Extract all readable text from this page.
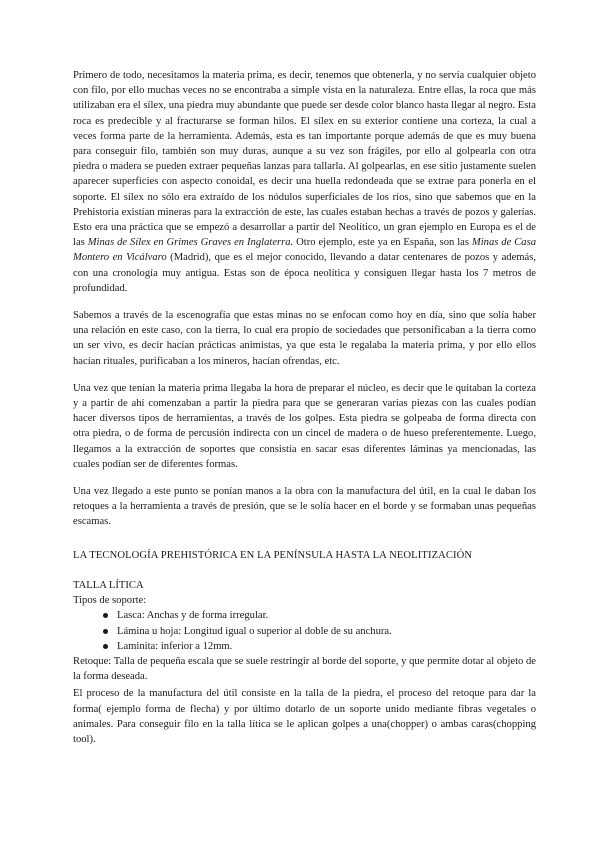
Primero de todo, necesitamos la materia prima, es decir, tenemos que obtenerla, y no servía cualquier objeto con filo, por ello muchas veces no se encontraba a simple vista en la naturaleza. Entre ellas, la roca que más utilizaban era el sílex, una piedra muy abundante que puede ser desde color blanco hasta llegar al negro. Esta roca es predecible y al fracturarse se forman hilos. El sílex en su exterior contiene una corteza, la cual a veces forma parte de la herramienta. Además, esta es tan importante porque además de que es muy buena para conseguir filo, también son muy duras, aunque a su vez son frágiles, por ello al golpearla con otra piedra o madera se pueden extraer pequeñas lanzas para tallarla. Al golpearlas, en ese sitio justamente suelen aparecer superficies con aspecto conoidal, es decir una huella redondeada que se extrae para ponerla en el soporte. El sílex no sólo era extraído de los nódulos superficiales de los ríos, sino que sabemos que en la Prehistoria existían mineras para la extracción de este, las cuales estaban hechas a través de pozos y galerías. Esto era una práctica que se empezó a desarrollar a partir del Neolítico, un gran ejemplo en Europa es el de las Minas de Sílex en Grimes Graves en Inglaterra. Otro ejemplo, este ya en España, son las Minas de Casa Montero en Vicálvaro (Madrid), que es el mejor conocido, llevando a datar centenares de pozos y además, con una cronología muy antigua. Estas son de época neolítica y consiguen llegar hasta los 7 metros de profundidad.

Sabemos a través de la escenografía que estas minas no se enfocan como hoy en día, sino que solía haber una relación en este caso, con la tierra, lo cual era propio de sociedades que personificaban a la tierra como un ser vivo, es decir hacían prácticas animistas, ya que esta le regalaba la materia prima, y por ello ellos hacían rituales, purificaban a los mineros, hacían ofrendas, etc.

Una vez que tenían la materia prima llegaba la hora de preparar el núcleo, es decir que le quitaban la corteza y a partir de ahí comenzaban a partir la piedra para que se generaran varias piezas con las cuales podían hacer diversos tipos de herramientas, a través de los golpes. Esta piedra se golpeaba de forma directa con otra piedra, o de forma de percusión indirecta con un cincel de madera o de hueso preferentemente. Luego, llegamos a la extracción de soportes que consistía en sacar esas diferentes láminas ya mencionadas, las cuales podían ser de diferentes formas.

Una vez llegado a este punto se ponían manos a la obra con la manufactura del útil, en la cual le daban los retoques a la herramienta a través de presión, que se le solía hacer en el borde y se formaban unas pequeñas escamas.

LA TECNOLOGÍA PREHISTÓRICA EN LA PENÍNSULA HASTA LA NEOLITIZACIÓN

TALLA LÍTICA

Tipos de soporte:

Lasca: Anchas y de forma irregular.
Lámina u hoja: Longitud igual o superior al doble de su anchura.
Laminita: inferior a 12mm.

Retoque: Talla de pequeña escala que se suele restringir al borde del soporte, y que permite dotar al objeto de la forma deseada.

El proceso de la manufactura del útil consiste en la talla de la piedra, el proceso del retoque para dar la forma( ejemplo forma de flecha) y por último dotarlo de un soporte unido mediante fibras vegetales o animales. Para conseguir filo en la talla lítica se le aplican golpes a una(chopper) o ambas caras(chopping tool).
